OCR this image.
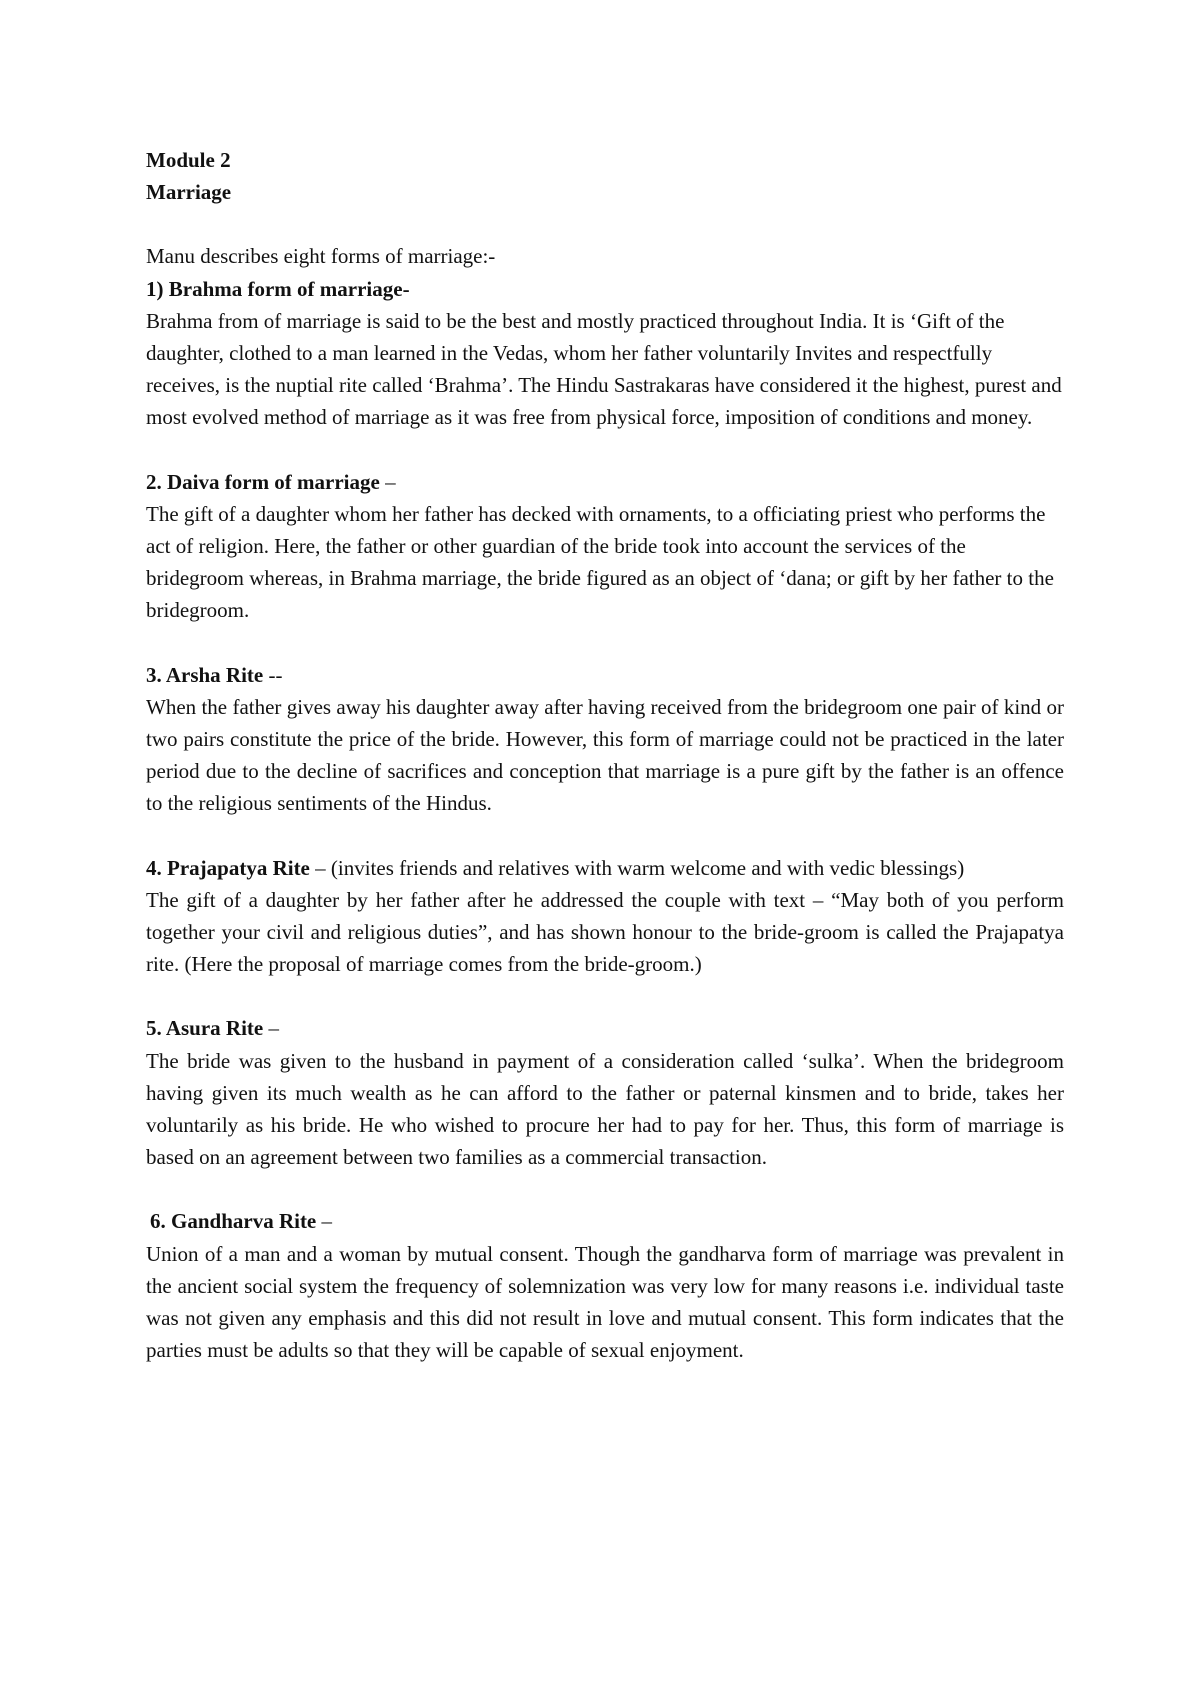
Module 2
Marriage

Manu describes eight forms of marriage:-

1) Brahma form of marriage-

Brahma from of marriage is said to be the best and mostly practiced throughout India. It is ‘Gift of the daughter, clothed to a man learned in the Vedas, whom her father voluntarily Invites and respectfully receives, is the nuptial rite called ‘Brahma’. The Hindu Sastrakaras have considered it the highest, purest and most evolved method of marriage as it was free from physical force, imposition of conditions and money.

2. Daiva form of marriage –

The gift of a daughter whom her father has decked with ornaments, to a officiating priest who performs the act of religion. Here, the father or other guardian of the bride took into account the services of the bridegroom whereas, in Brahma marriage, the bride figured as an object of ‘dana; or gift by her father to the bridegroom.

3. Arsha Rite --

When the father gives away his daughter away after having received from the bridegroom one pair of kind or two pairs constitute the price of the bride. However, this form of marriage could not be practiced in the later period due to the decline of sacrifices and conception that marriage is a pure gift by the father is an offence to the religious sentiments of the Hindus.

4. Prajapatya Rite – (invites friends and relatives with warm welcome and with vedic blessings)

The gift of a daughter by her father after he addressed the couple with text – “May both of you perform together your civil and religious duties”, and has shown honour to the bride-groom is called the Prajapatya rite. (Here the proposal of marriage comes from the bride-groom.)

5. Asura Rite –

The bride was given to the husband in payment of a consideration called ‘sulka’. When the bridegroom having given its much wealth as he can afford to the father or paternal kinsmen and to bride, takes her voluntarily as his bride. He who wished to procure her had to pay for her. Thus, this form of marriage is based on an agreement between two families as a commercial transaction.

6. Gandharva Rite –

Union of a man and a woman by mutual consent. Though the gandharva form of marriage was prevalent in the ancient social system the frequency of solemnization was very low for many reasons i.e. individual taste was not given any emphasis and this did not result in love and mutual consent. This form indicates that the parties must be adults so that they will be capable of sexual enjoyment.
